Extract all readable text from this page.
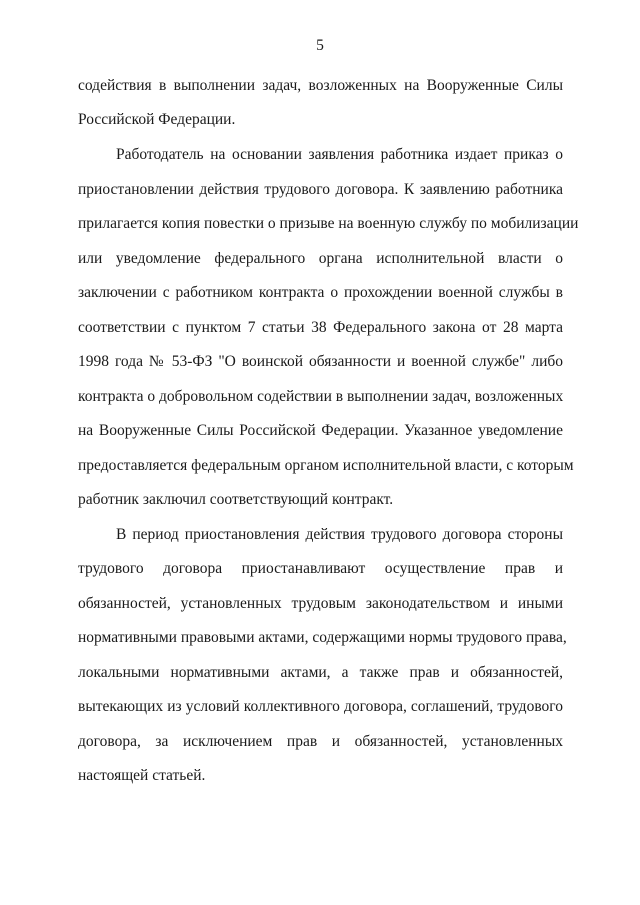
5
содействия в выполнении задач, возложенных на Вооруженные Силы
Российской Федерации.
Работодатель на основании заявления работника издает приказ о
приостановлении действия трудового договора. К заявлению работника
прилагается копия повестки о призыве на военную службу по мобилизации
или уведомление федерального органа исполнительной власти о
заключении с работником контракта о прохождении военной службы в
соответствии с пунктом 7 статьи 38 Федерального закона от 28 марта
1998 года № 53-ФЗ "О воинской обязанности и военной службе" либо
контракта о добровольном содействии в выполнении задач, возложенных
на Вооруженные Силы Российской Федерации. Указанное уведомление
предоставляется федеральным органом исполнительной власти, с которым
работник заключил соответствующий контракт.
В период приостановления действия трудового договора стороны
трудового договора приостанавливают осуществление прав и
обязанностей, установленных трудовым законодательством и иными
нормативными правовыми актами, содержащими нормы трудового права,
локальными нормативными актами, а также прав и обязанностей,
вытекающих из условий коллективного договора, соглашений, трудового
договора, за исключением прав и обязанностей, установленных
настоящей статьей.
